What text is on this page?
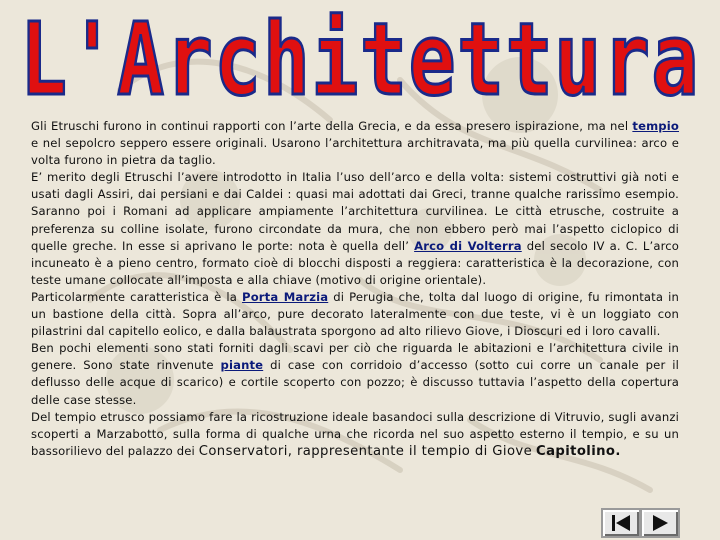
L'Architettura

Gli Etruschi furono in continui rapporti con l’arte della Grecia, e da essa presero ispirazione, ma nel tempio e nel sepolcro seppero essere originali. Usarono l’architettura architravata, ma più quella curvilinea: arco e volta furono in pietra da taglio.

E’ merito degli Etruschi l’avere introdotto in Italia l’uso dell’arco e della volta: sistemi costruttivi già noti e usati dagli Assiri, dai persiani e dai Caldei : quasi mai adottati dai Greci, tranne qualche rarissimo esempio. Saranno poi i Romani ad applicare ampiamente l’architettura curvilinea. Le città etrusche, costruite a preferenza su colline isolate, furono circondate da mura, che non ebbero però mai l’aspetto ciclopico di quelle greche. In esse si aprivano le porte: nota è quella dell’ Arco di Volterra del secolo IV a. C. L’arco incuneato è a pieno centro, formato cioè di blocchi disposti a reggiera: caratteristica è la decorazione, con teste umane collocate all’imposta e alla chiave (motivo di origine orientale).

Particolarmente caratteristica è la Porta Marzia di Perugia che, tolta dal luogo di origine, fu rimontata in un bastione della città. Sopra all’arco, pure decorato lateralmente con due teste, vi è un loggiato con pilastrini dal capitello eolico, e dalla balaustrata sporgono ad alto rilievo Giove, i Dioscuri ed i loro cavalli.

Ben pochi elementi sono stati forniti dagli scavi per ciò che riguarda le abitazioni e l’architettura civile in genere. Sono state rinvenute piante di case con corridoio d’accesso (sotto cui corre un canale per il deflusso delle acque di scarico) e cortile scoperto con pozzo; è discusso tuttavia l’aspetto della copertura delle case stesse.

Del tempio etrusco possiamo fare la ricostruzione ideale basandoci sulla descrizione di Vitruvio, sugli avanzi scoperti a Marzabotto, sulla forma di qualche urna che ricorda nel suo aspetto esterno il tempio, e su un bassorilievo del palazzo dei Conservatori, rappresentante il tempio di Giove Capitolino.
